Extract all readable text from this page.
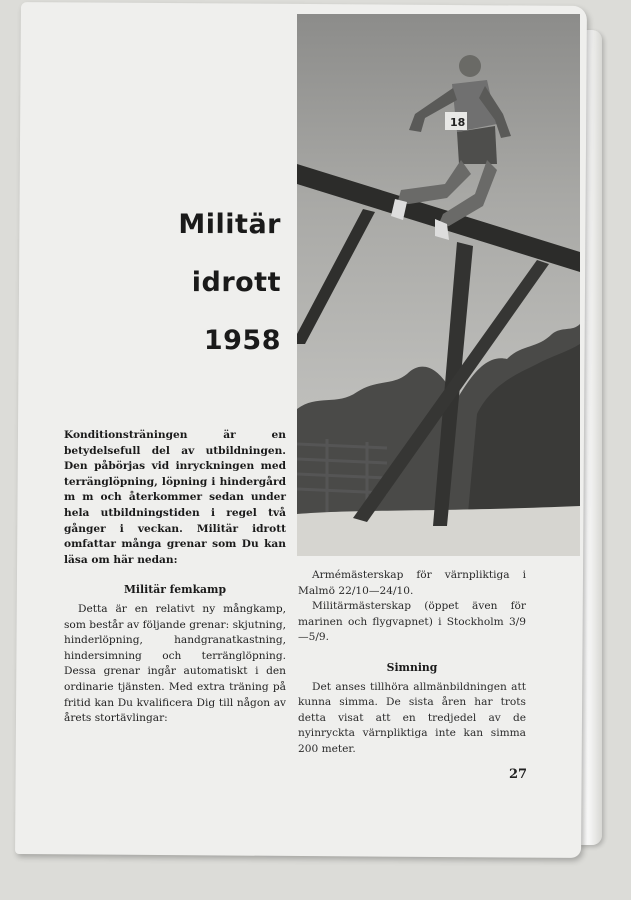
Militär
idrott
1958
18

Konditionsträningen är en betydelsefull del av utbildningen. Den påbörjas vid inryckningen med terränglöpning, löpning i hindergård m m och återkommer sedan under hela utbildningstiden i regel två gånger i veckan. Militär idrott omfattar många grenar som Du kan läsa om här nedan:

Militär femkamp

Detta är en relativt ny mångkamp, som består av följande grenar: skjutning, hinderlöpning, handgranatkastning, hindersimning och terränglöpning. Dessa grenar ingår automatiskt i den ordinarie tjänsten. Med extra träning på fritid kan Du kvalificera Dig till någon av årets stortävlingar:

Armémästerskap för värnpliktiga i Malmö 22/10—24/10.

Militärmästerskap (öppet även för marinen och flygvapnet) i Stockholm 3/9—5/9.

Simning

Det anses tillhöra allmänbildningen att kunna simma. De sista åren har trots detta visat att en tredjedel av de nyinryckta värnpliktiga inte kan simma 200 meter.

27
